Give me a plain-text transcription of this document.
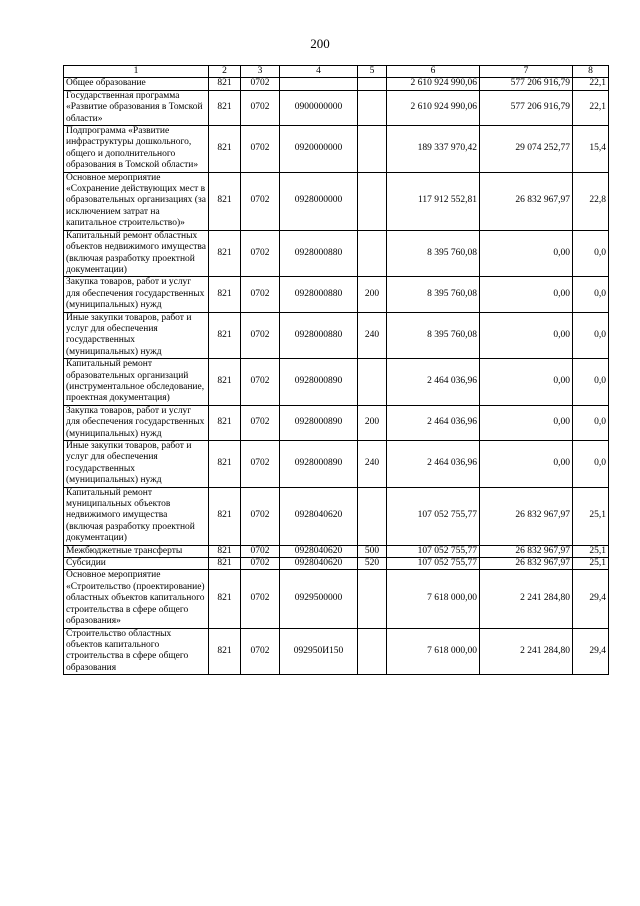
200
1	2	3	4	5	6	7	8
Общее образование	821	0702			2 610 924 990,06	577 206 916,79	22,1
Государственная программа «Развитие образования в Томской области»	821	0702	0900000000		2 610 924 990,06	577 206 916,79	22,1
Подпрограмма «Развитие инфраструктуры дошкольного, общего и дополнительного образования в Томской области»	821	0702	0920000000		189 337 970,42	29 074 252,77	15,4
Основное мероприятие «Сохранение действующих мест в образовательных организациях (за исключением затрат на капитальное строительство)»	821	0702	0928000000		117 912 552,81	26 832 967,97	22,8
Капитальный ремонт областных объектов недвижимого имущества (включая разработку проектной документации)	821	0702	0928000880		8 395 760,08	0,00	0,0
Закупка товаров, работ и услуг для обеспечения государственных (муниципальных) нужд	821	0702	0928000880	200	8 395 760,08	0,00	0,0
Иные закупки товаров, работ и услуг для обеспечения государственных (муниципальных) нужд	821	0702	0928000880	240	8 395 760,08	0,00	0,0
Капитальный ремонт образовательных организаций (инструментальное обследование, проектная документация)	821	0702	0928000890		2 464 036,96	0,00	0,0
Закупка товаров, работ и услуг для обеспечения государственных (муниципальных) нужд	821	0702	0928000890	200	2 464 036,96	0,00	0,0
Иные закупки товаров, работ и услуг для обеспечения государственных (муниципальных) нужд	821	0702	0928000890	240	2 464 036,96	0,00	0,0
Капитальный ремонт муниципальных объектов недвижимого имущества (включая разработку проектной документации)	821	0702	0928040620		107 052 755,77	26 832 967,97	25,1
Межбюджетные трансферты	821	0702	0928040620	500	107 052 755,77	26 832 967,97	25,1
Субсидии	821	0702	0928040620	520	107 052 755,77	26 832 967,97	25,1
Основное мероприятие «Строительство (проектирование) областных объектов капитального строительства в сфере общего образования»	821	0702	0929500000		7 618 000,00	2 241 284,80	29,4
Строительство областных объектов капитального строительства в сфере общего образования	821	0702	092950И150		7 618 000,00	2 241 284,80	29,4
